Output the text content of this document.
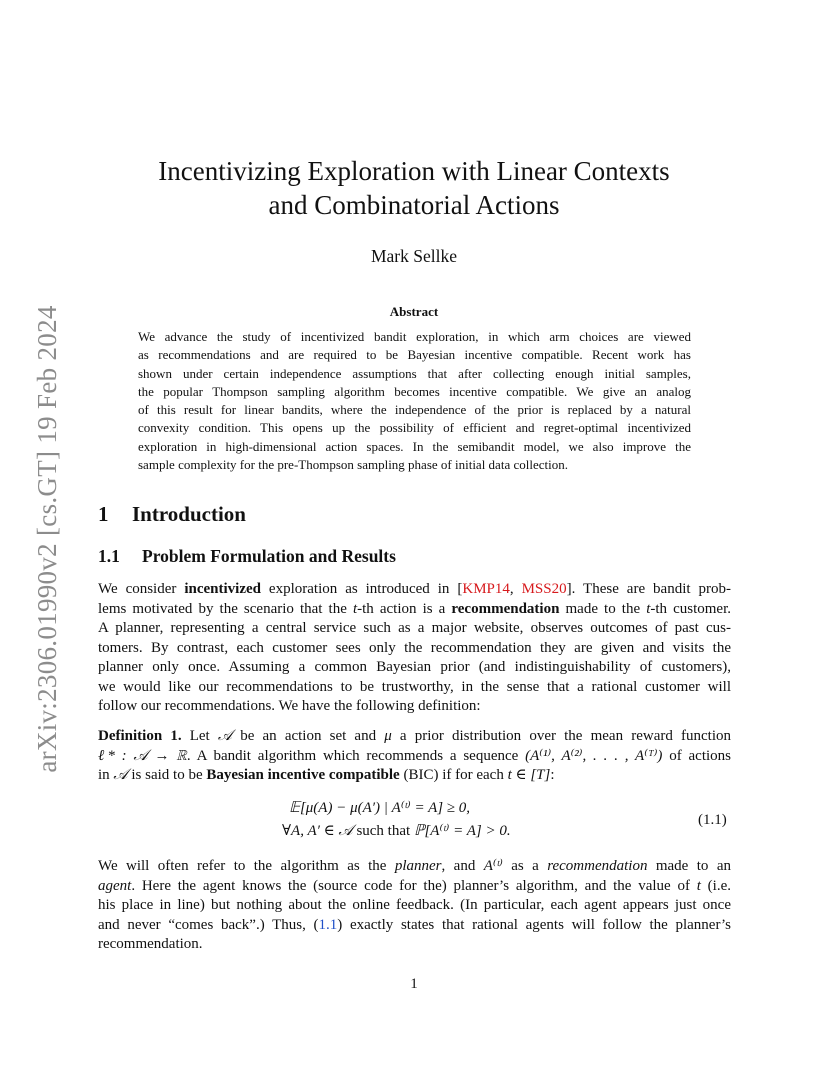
arXiv:2306.01990v2 [cs.GT] 19 Feb 2024
Incentivizing Exploration with Linear Contexts
and Combinatorial Actions
Mark Sellke
Abstract
We advance the study of incentivized bandit exploration, in which arm choices are viewed
as recommendations and are required to be Bayesian incentive compatible. Recent work has
shown under certain independence assumptions that after collecting enough initial samples,
the popular Thompson sampling algorithm becomes incentive compatible. We give an analog
of this result for linear bandits, where the independence of the prior is replaced by a natural
convexity condition. This opens up the possibility of efficient and regret-optimal incentivized
exploration in high-dimensional action spaces. In the semibandit model, we also improve the
sample complexity for the pre-Thompson sampling phase of initial data collection.
1 Introduction
1.1 Problem Formulation and Results
We consider incentivized exploration as introduced in [KMP14, MSS20]. These are bandit prob-
lems motivated by the scenario that the t-th action is a recommendation made to the t-th customer.
A planner, representing a central service such as a major website, observes outcomes of past cus-
tomers. By contrast, each customer sees only the recommendation they are given and visits the
planner only once. Assuming a common Bayesian prior (and indistinguishability of customers),
we would like our recommendations to be trustworthy, in the sense that a rational customer will
follow our recommendations. We have the following definition:
Definition 1. Let 𝒜 be an action set and μ a prior distribution over the mean reward function
ℓ* : 𝒜 → ℝ. A bandit algorithm which recommends a sequence (A⁽¹⁾, A⁽²⁾, . . . , A⁽ᵀ⁾) of actions
in 𝒜 is said to be Bayesian incentive compatible (BIC) if for each t ∈ [T]:
𝔼[μ(A) − μ(A′) | A⁽ᵗ⁾ = A] ≥ 0,
∀A, A′ ∈ 𝒜 such that ℙ[A⁽ᵗ⁾ = A] > 0.
(1.1)
We will often refer to the algorithm as the planner, and A⁽ᵗ⁾ as a recommendation made to an
agent. Here the agent knows the (source code for the) planner’s algorithm, and the value of t (i.e.
his place in line) but nothing about the online feedback. (In particular, each agent appears just once
and never “comes back”.) Thus, (1.1) exactly states that rational agents will follow the planner’s
recommendation.
1
